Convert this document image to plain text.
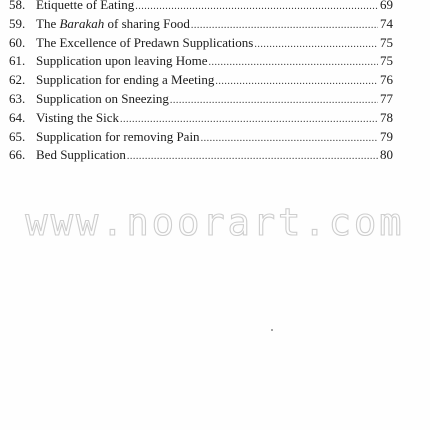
58. Etiquette of Eating .....	69
59. The Barakah of sharing Food .....	74
60. The Excellence of Predawn Supplications .....	75
61. Supplication upon leaving Home .....	75
62. Supplication for ending a Meeting .....	76
63. Supplication on Sneezing .....	77
64. Visting the Sick .....	78
65. Supplication for removing Pain .....	79
66. Bed Supplication .....	80
www.noorart.com
